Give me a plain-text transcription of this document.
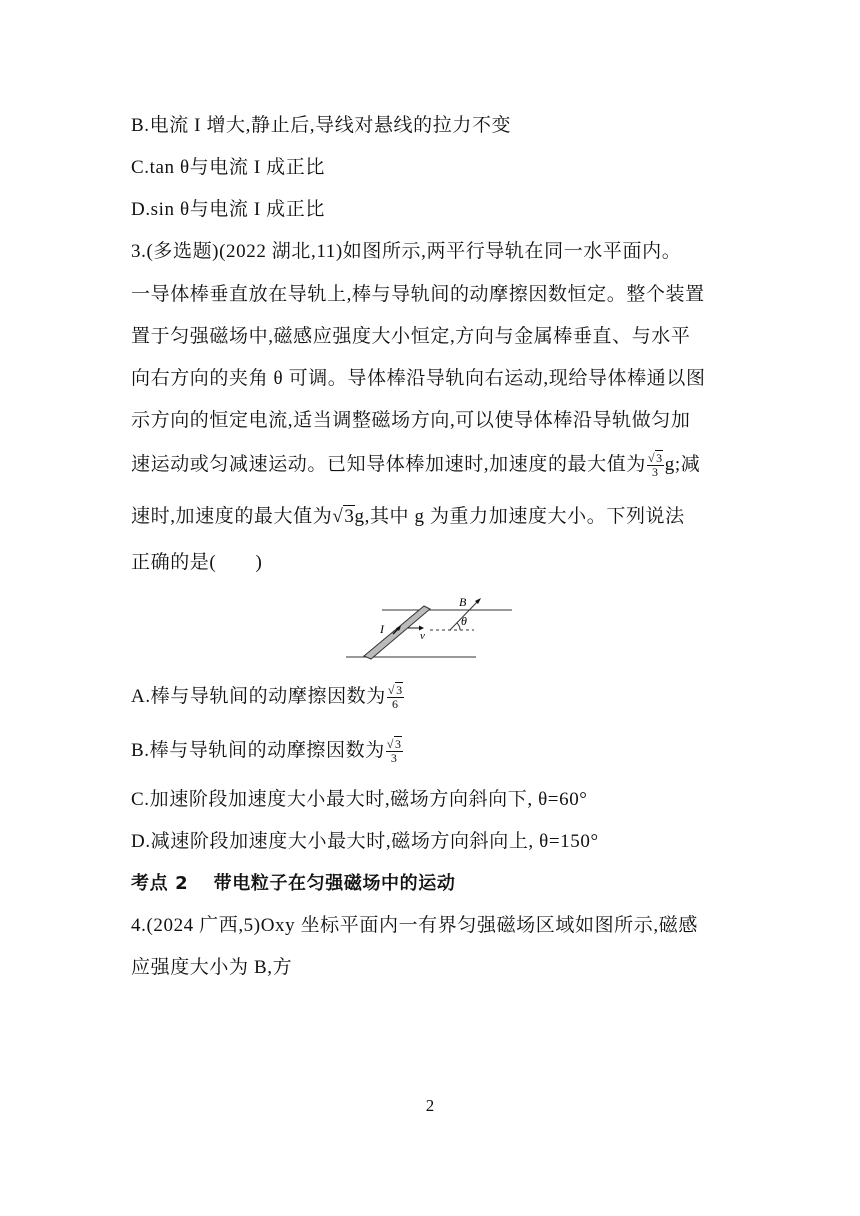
B.电流 I 增大,静止后,导线对悬线的拉力不变
C.tan θ与电流 I 成正比
D.sin θ与电流 I 成正比
3.(多选题)(2022 湖北,11)如图所示,两平行导轨在同一水平面内。
一导体棒垂直放在导轨上,棒与导轨间的动摩擦因数恒定。整个装置
置于匀强磁场中,磁感应强度大小恒定,方向与金属棒垂直、与水平
向右方向的夹角 θ 可调。导体棒沿导轨向右运动,现给导体棒通以图
示方向的恒定电流,适当调整磁场方向,可以使导体棒沿导轨做匀加
速运动或匀减速运动。已知导体棒加速时,加速度的最大值为 $\frac{√3}{3} g$;减
速时,加速度的最大值为√3g,其中 g 为重力加速度大小。下列说法
正确的是(　　)
I	v
B
θ
A.棒与导轨间的动摩擦因数为 $\frac{√3}{6}$
B.棒与导轨间的动摩擦因数为 $\frac{√3}{3}$
C.加速阶段加速度大小最大时,磁场方向斜向下, θ=60°
D.减速阶段加速度大小最大时,磁场方向斜向上, θ=150°
考点 2　 带电粒子在匀强磁场中的运动
4.(2024 广西,5)Oxy 坐标平面内一有界匀强磁场区域如图所示,磁感
应强度大小为 B,方
2
